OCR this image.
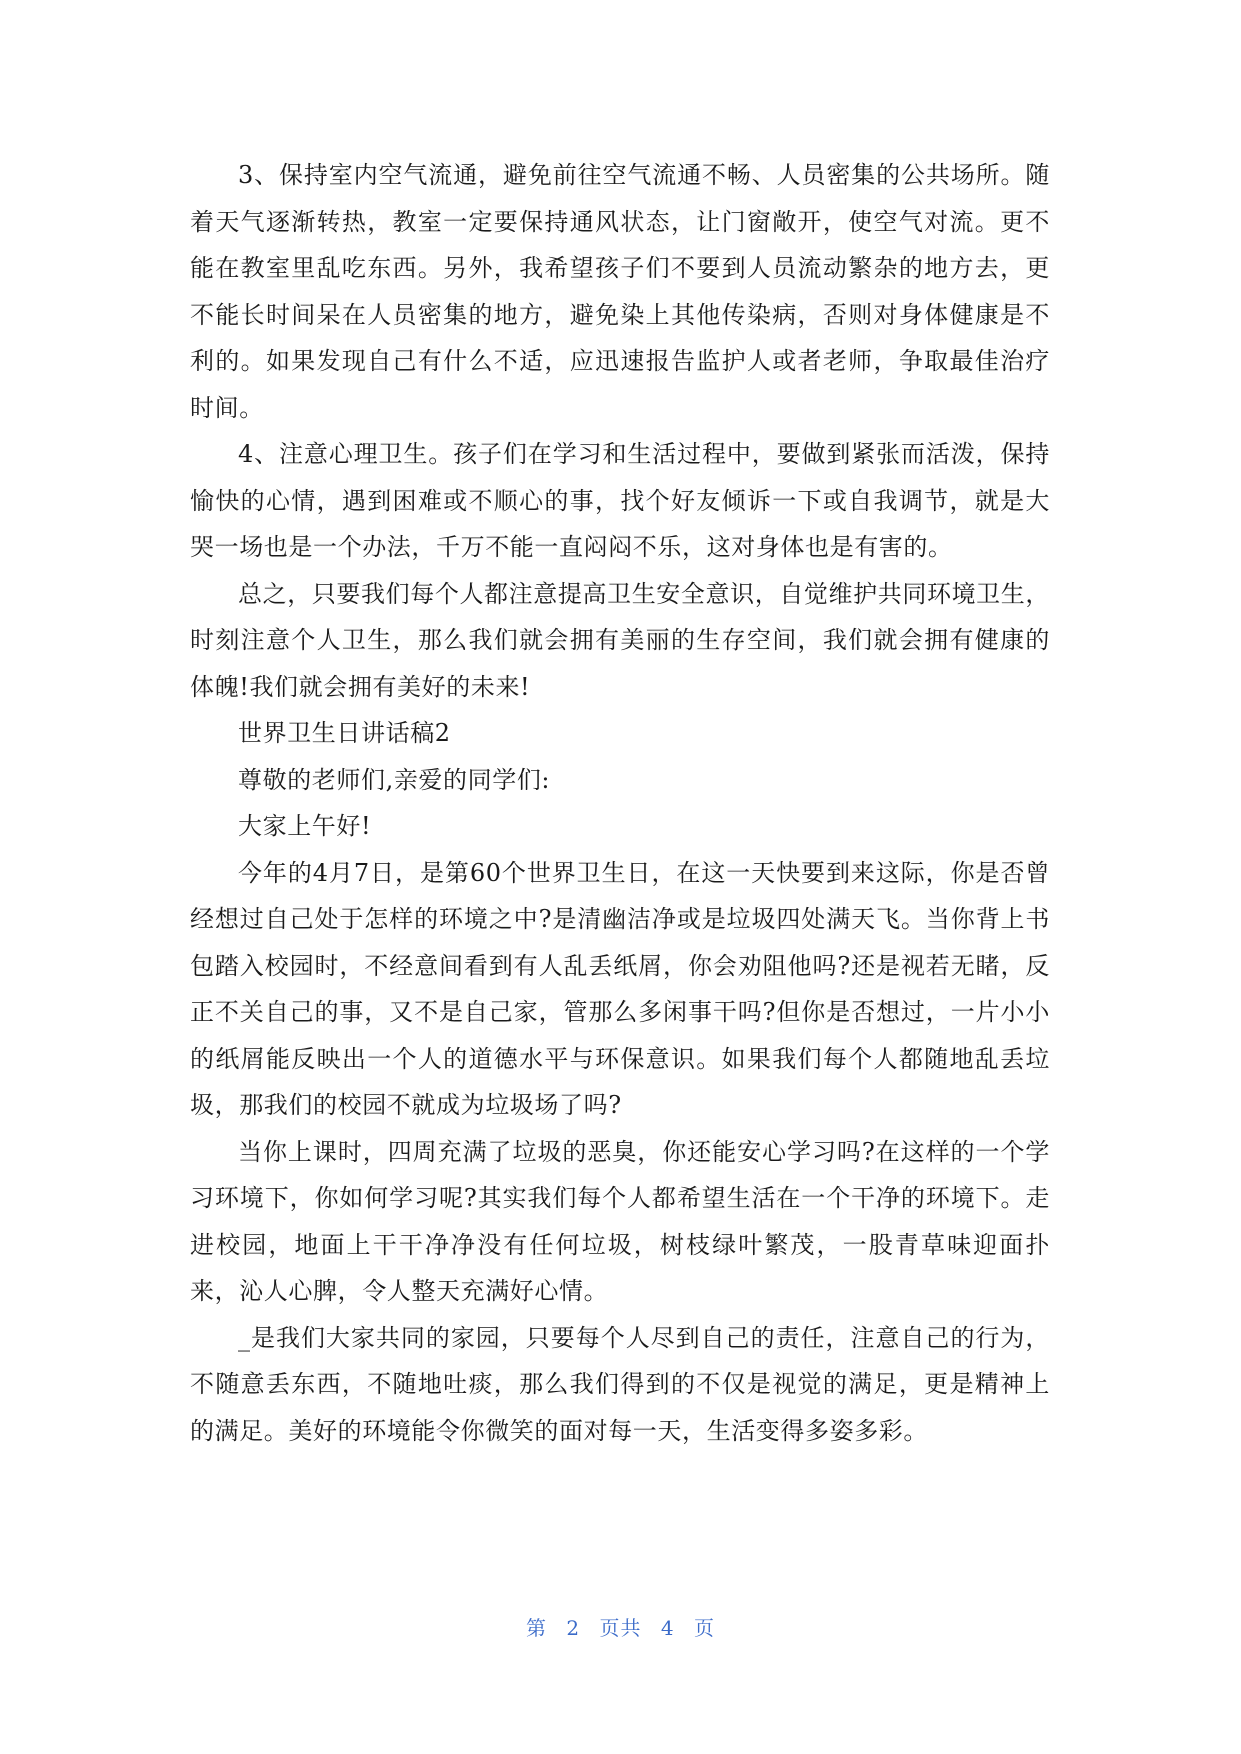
3、保持室内空气流通，避免前往空气流通不畅、人员密集的公共场所。随着天气逐渐转热，教室一定要保持通风状态，让门窗敞开，使空气对流。更不能在教室里乱吃东西。另外，我希望孩子们不要到人员流动繁杂的地方去，更不能长时间呆在人员密集的地方，避免染上其他传染病，否则对身体健康是不利的。如果发现自己有什么不适，应迅速报告监护人或者老师，争取最佳治疗时间。

4、注意心理卫生。孩子们在学习和生活过程中，要做到紧张而活泼，保持愉快的心情，遇到困难或不顺心的事，找个好友倾诉一下或自我调节，就是大哭一场也是一个办法，千万不能一直闷闷不乐，这对身体也是有害的。

总之，只要我们每个人都注意提高卫生安全意识，自觉维护共同环境卫生，时刻注意个人卫生，那么我们就会拥有美丽的生存空间，我们就会拥有健康的体魄!我们就会拥有美好的未来!

世界卫生日讲话稿2

尊敬的老师们,亲爱的同学们:

大家上午好!

今年的4月7日，是第60个世界卫生日，在这一天快要到来这际，你是否曾经想过自己处于怎样的环境之中?是清幽洁净或是垃圾四处满天飞。当你背上书包踏入校园时，不经意间看到有人乱丢纸屑，你会劝阻他吗?还是视若无睹，反正不关自己的事，又不是自己家，管那么多闲事干吗?但你是否想过，一片小小的纸屑能反映出一个人的道德水平与环保意识。如果我们每个人都随地乱丢垃圾，那我们的校园不就成为垃圾场了吗?

当你上课时，四周充满了垃圾的恶臭，你还能安心学习吗?在这样的一个学习环境下，你如何学习呢?其实我们每个人都希望生活在一个干净的环境下。走进校园，地面上干干净净没有任何垃圾，树枝绿叶繁茂，一股青草味迎面扑来，沁人心脾，令人整天充满好心情。

_是我们大家共同的家园，只要每个人尽到自己的责任，注意自己的行为，不随意丢东西，不随地吐痰，那么我们得到的不仅是视觉的满足，更是精神上的满足。美好的环境能令你微笑的面对每一天，生活变得多姿多彩。

第 2 页共 4 页
